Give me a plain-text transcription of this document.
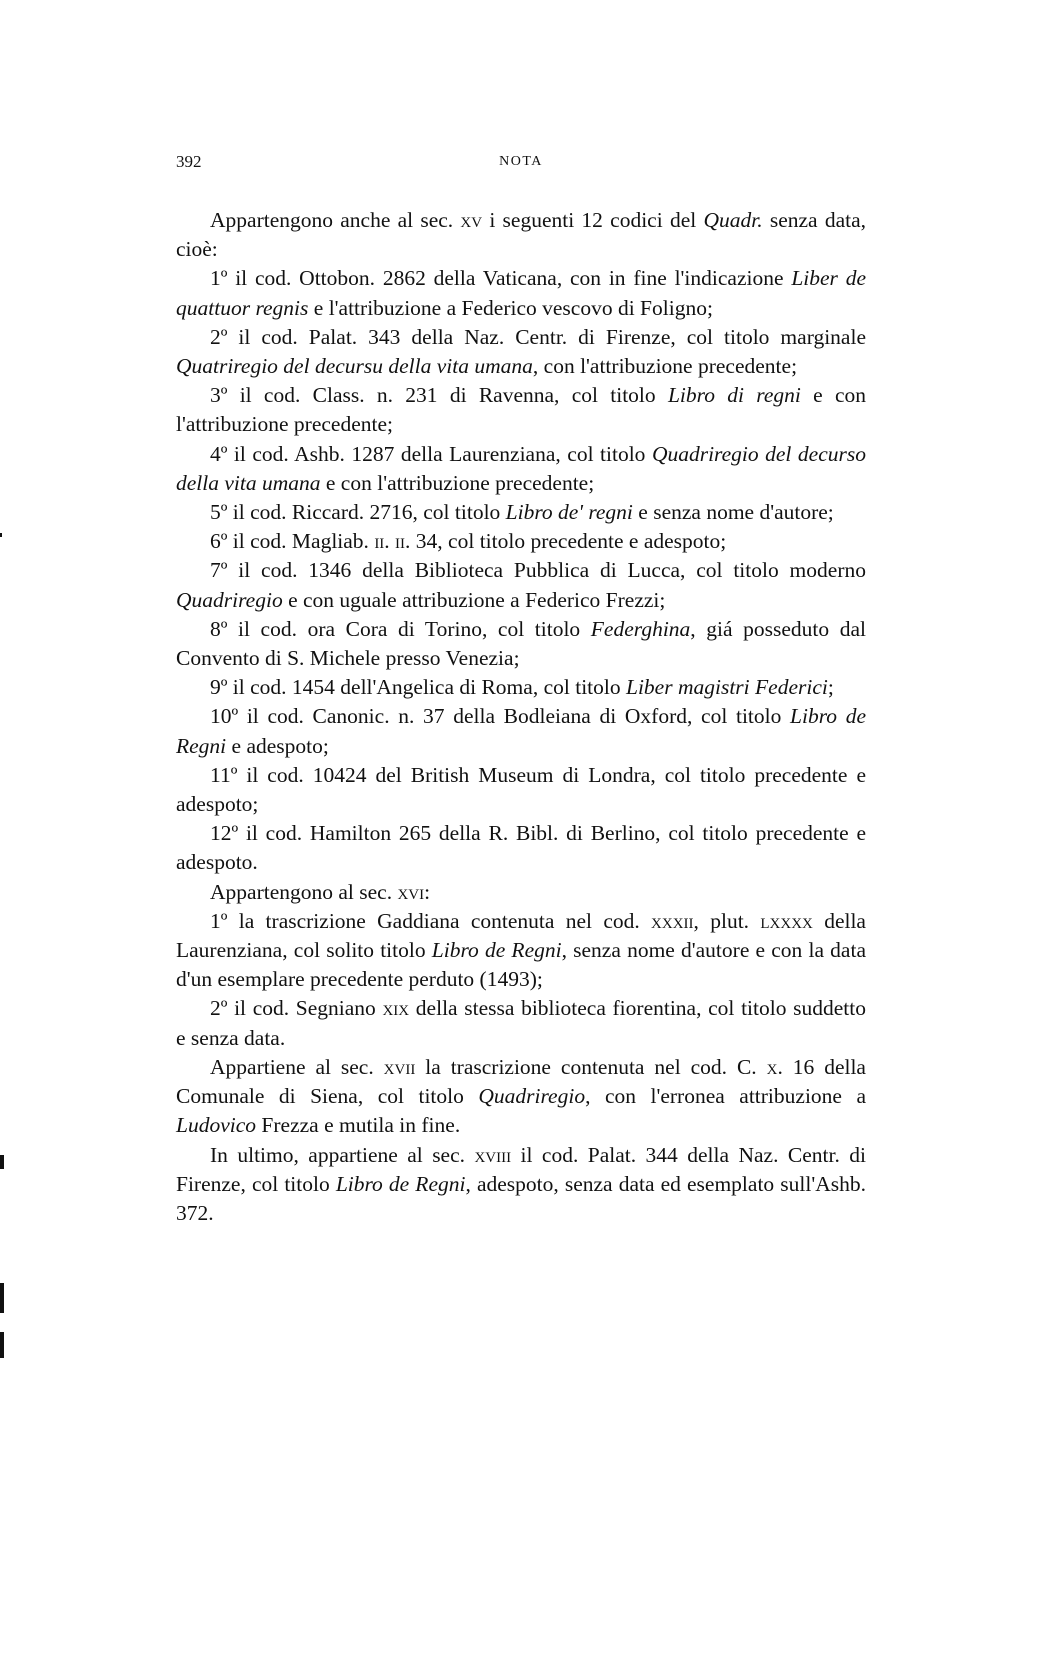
392	NOTA

Appartengono anche al sec. xv i seguenti 12 codici del Quadr. senza data, cioè:

1º il cod. Ottobon. 2862 della Vaticana, con in fine l'indicazione Liber de quattuor regnis e l'attribuzione a Federico vescovo di Foligno;

2º il cod. Palat. 343 della Naz. Centr. di Firenze, col titolo marginale Quatriregio del decursu della vita umana, con l'attribuzione precedente;

3º il cod. Class. n. 231 di Ravenna, col titolo Libro di regni e con l'attribuzione precedente;

4º il cod. Ashb. 1287 della Laurenziana, col titolo Quadriregio del decurso della vita umana e con l'attribuzione precedente;

5º il cod. Riccard. 2716, col titolo Libro de' regni e senza nome d'autore;

6º il cod. Magliab. ii. ii. 34, col titolo precedente e adespoto;

7º il cod. 1346 della Biblioteca Pubblica di Lucca, col titolo moderno Quadriregio e con uguale attribuzione a Federico Frezzi;

8º il cod. ora Cora di Torino, col titolo Federghina, giá posseduto dal Convento di S. Michele presso Venezia;

9º il cod. 1454 dell'Angelica di Roma, col titolo Liber magistri Federici;

10º il cod. Canonic. n. 37 della Bodleiana di Oxford, col titolo Libro de Regni e adespoto;

11º il cod. 10424 del British Museum di Londra, col titolo precedente e adespoto;

12º il cod. Hamilton 265 della R. Bibl. di Berlino, col titolo precedente e adespoto.

Appartengono al sec. xvi:

1º la trascrizione Gaddiana contenuta nel cod. xxxii, plut. lxxxx della Laurenziana, col solito titolo Libro de Regni, senza nome d'autore e con la data d'un esemplare precedente perduto (1493);

2º il cod. Segniano xix della stessa biblioteca fiorentina, col titolo suddetto e senza data.

Appartiene al sec. xvii la trascrizione contenuta nel cod. C. x. 16 della Comunale di Siena, col titolo Quadriregio, con l'erronea attribuzione a Ludovico Frezza e mutila in fine.

In ultimo, appartiene al sec. xviii il cod. Palat. 344 della Naz. Centr. di Firenze, col titolo Libro de Regni, adespoto, senza data ed esemplato sull'Ashb. 372.
